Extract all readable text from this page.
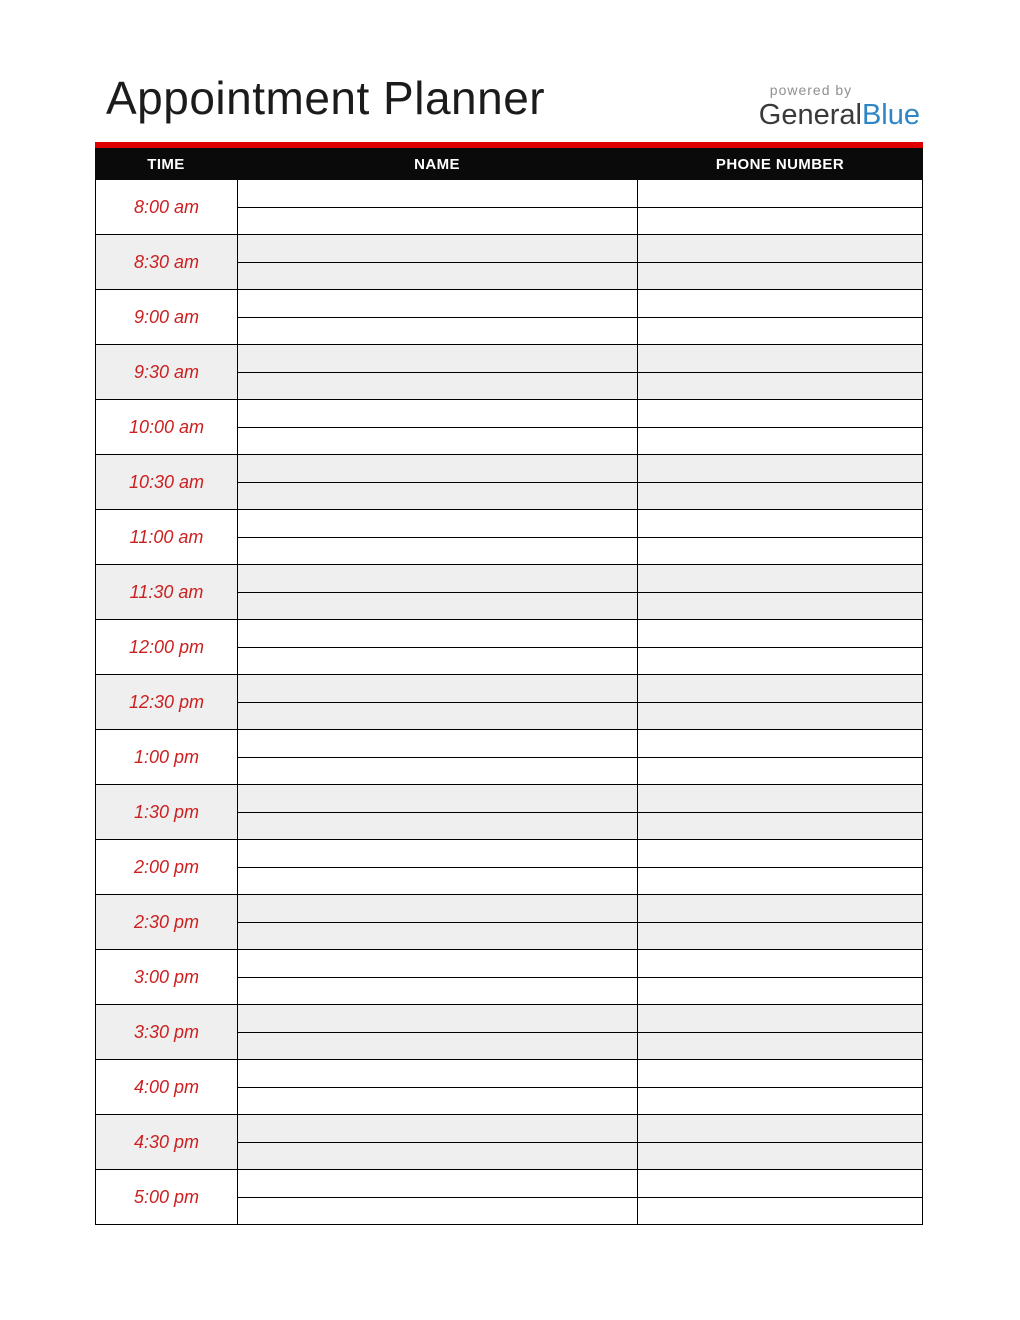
Appointment Planner	powered by
GeneralBlue
TIME	NAME	PHONE NUMBER
8:00 am
8:30 am
9:00 am
9:30 am
10:00 am
10:30 am
11:00 am
11:30 am
12:00 pm
12:30 pm
1:00 pm
1:30 pm
2:00 pm
2:30 pm
3:00 pm
3:30 pm
4:00 pm
4:30 pm
5:00 pm
